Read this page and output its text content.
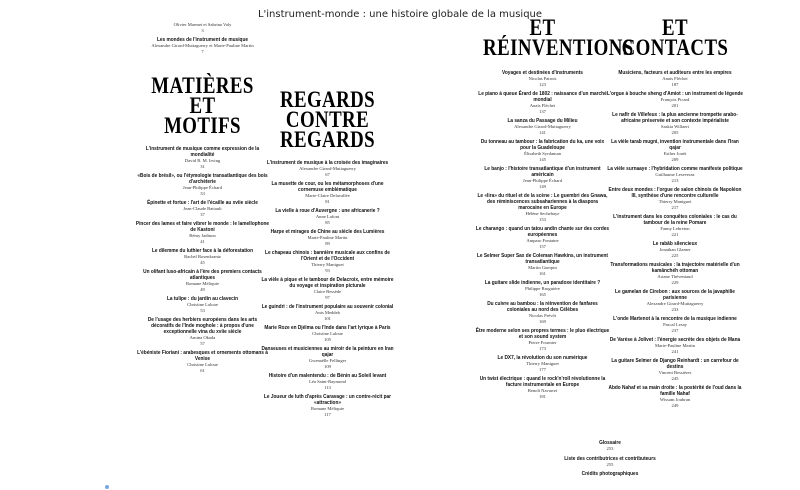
L'instrument-monde : une histoire globale de la musique
Olivier Marmet et Sabrina Valy
3
Les mondes de l'instrument de musique
Alexandre Girard-Muttaguerry et Marie-Pauline Martin
7
MATIÈRES
ET
MOTIFS
L'instrument de musique comme expression de la mondialité
David R. M. Irving
31
«Bois de brésil», ou l'étymologie transatlantique des bois d'archèterie
Jean-Philippe Échard
33
Épinette et fortue : l'art de l'écaille au xviie siècle
Jean-Claude Battault
37
Pincer des lames et faire vibrer le monde : le lamellophone de Kastoni
Rémy Jadinon
41
Le dilemme du luthier face à la déforestation
Rachel Rosenkrantz
45
Un olifant luso-africain à l'ère des premiers contacts atlantiques
Romane Méliquie
49
La tulipe : du jardin au clavecin
Christine Laloue
53
De l'usage des herbiers européens dans les arts décoratifs de l'Inde moghole : à propos d'une exceptionnelle vina du xviie siècle
Amina Okada
57
L'ébéniste Fioriani : arabesques et ornements ottomans à Venise
Christine Laloue
61
REGARDS
CONTRE
REGARDS
L'instrument de musique à la croisée des imaginaires
Alexandre Girard-Muttaguerry
67
La musette de cour, ou les métamorphoses d'une cornemuse emblématique
Marie-Claire Delavallée
81
La vielle à roue d'Auvergne : une africanerie ?
Anne Lafont
85
Harpe et mirages de Chine au siècle des Lumières
Marie-Pauline Martin
89
Le chapeau chinois : bannière musicale aux confins de l'Orient et de l'Occident
Thierry Maniguet
93
La vièle à pique et le tambour de Delacroix, entre mémoire du voyage et inspiration picturale
Claire Bessède
97
Le guindri : de l'instrument populaire au souvenir colonial
Anis Meddeb
101
Marie Roze en Djélma ou l'Inde dans l'art lyrique à Paris
Christine Laloue
105
Danseuses et musiciennes au miroir de la peinture en Iran qajar
Gwenaëlle Fellinger
109
Histoire d'un malentendu : de Bénin au Soleil levant
Léa Saint-Raymond
113
Le Joueur de luth d'après Caravage : un contre-récit par «attraction»
Romane Méliquie
117
ET
RÉINVENTIONS
Voyages et destinées d'instruments
Nicolas Patrois
123
Le piano à queue Érard de 1802 : naissance d'un marché mondial
Anaïs Fléchet
137
La sanza du Passage du Milieu
Alexandre Girard-Muttaguerry
141
Du tonneau au tambour : la fabrication du ka, une voix pour la Guadeloupe
Élisabeth Syrdaman
145
Le banjo : l'histoire transatlantique d'un instrument américain
Jean-Philippe Échard
149
Le «lira» du rituel et de la scène : Le guembri des Gnawa, des réminiscences subsahariennes à la diaspora marocaine en Europe
Hélène Sechehaye
153
Le charango : quand un tatou andin chante sur des cordes européennes
Amparo Fontaine
157
Le Selmer Super Sax de Coleman Hawkins, un instrument transatlantique
Martin Guerpin
161
La guitare slide indienne, un paradoxe identitaire ?
Philippe Bruguière
165
Du cuivre au bambou : la réinvention de fanfares coloniales au nord des Célèbes
Nicolas Prévôt
169
Être moderne selon ses propres termes : le pluo électrique et son sound system
Pierre Fournier
173
Le DX7, la révolution du son numérique
Thierry Maniguet
177
Un twist électrique : quand le rock'n'roll révolutionne la facture instrumentale en Europe
Benoît Navarret
181
ET
CONTACTS
Musiciens, facteurs et auditeurs entre les empires
Anaïs Fléchet
187
L'orgue à bouche sheng d'Amiot : un instrument de légende
François Picard
201
Le nafîr de Villefeux : la plus ancienne trompette arabo-africaine préservée et son contexte impérialiste
Saskia Willaert
205
La vièle tarab mugni, invention instrumentale dans l'Iran qajar
Esther Jouët
209
La vièle surnaaye : l'hybridation comme manifeste politique
Guillaume Leseveraz
213
Entre deux mondes : l'orgue de salon chinois de Napoléon III, synthèse d'une rencontre culturelle
Thierry Maniguet
217
L'instrument dans les conquêtes coloniales : le cas du tambour de la reine Pomare
Fanny Lebreton
221
Le rabâb silencieux
Jonathan Glamer
225
Transformations musicales : la trajectoire matérielle d'un kamânchéh ottoman
Ariane Théveniaud
229
Le gamelan de Cirebon : aux sources de la javaphilie parisienne
Alexandre Girard-Muttaguerry
233
L'onde Martenot à la rencontre de la musique indienne
Pascal Lesay
237
De Varèse à Jolivet : l'énergie secrète des objets de Mana
Marie-Pauline Martin
241
La guitare Selmer de Django Reinhardt : un carrefour de destins
Vincent Bessières
245
Abdo Nahaf et sa main droite : la postérité de l'oud dans la famille Nahaf
Wissam Joubran
249
Glossaire
253
Liste des contributrices et contributeurs
255
Crédits photographiques
